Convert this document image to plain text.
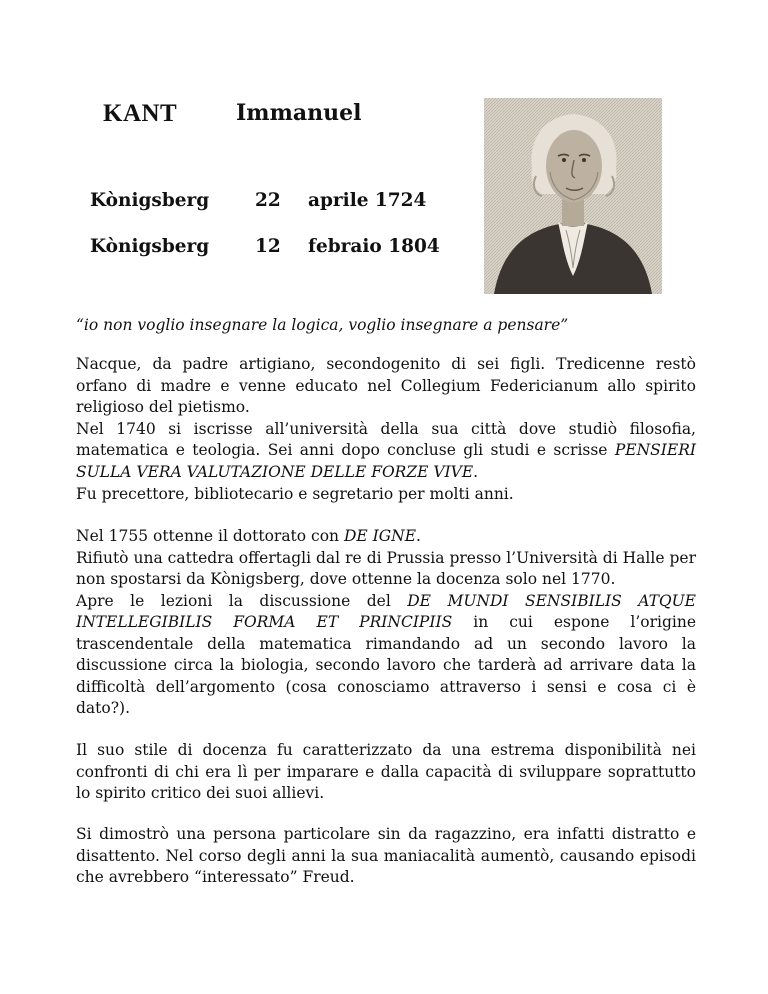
KANT	Immanuel
Kònigsberg 22 aprile 1724
Kònigsberg 12 febraio 1804
“io non voglio insegnare la logica, voglio insegnare a pensare”

Nacque, da padre artigiano, secondogenito di sei figli. Tredicenne restò orfano di madre e venne educato nel Collegium Federicianum allo spirito religioso del pietismo.

Nel 1740 si iscrisse all’università della sua città dove studiò filosofia, matematica e teologia. Sei anni dopo concluse gli studi e scrisse PENSIERI SULLA VERA VALUTAZIONE DELLE FORZE VIVE.

Fu precettore, bibliotecario e segretario per molti anni.

Nel 1755 ottenne il dottorato con DE IGNE.

Rifiutò una cattedra offertagli dal re di Prussia presso l’Università di Halle per non spostarsi da Kònigsberg, dove ottenne la docenza solo nel 1770.

Apre le lezioni la discussione del DE MUNDI SENSIBILIS ATQUE INTELLEGIBILIS FORMA ET PRINCIPIIS in cui espone l’origine trascendentale della matematica rimandando ad un secondo lavoro la discussione circa la biologia, secondo lavoro che tarderà ad arrivare data la difficoltà dell’argomento (cosa conosciamo attraverso i sensi e cosa ci è dato?).

Il suo stile di docenza fu caratterizzato da una estrema disponibilità nei confronti di chi era lì per imparare e dalla capacità di sviluppare soprattutto lo spirito critico dei suoi allievi.

Si dimostrò una persona particolare sin da ragazzino, era infatti distratto e disattento. Nel corso degli anni la sua maniacalità aumentò, causando episodi che avrebbero “interessato” Freud.
